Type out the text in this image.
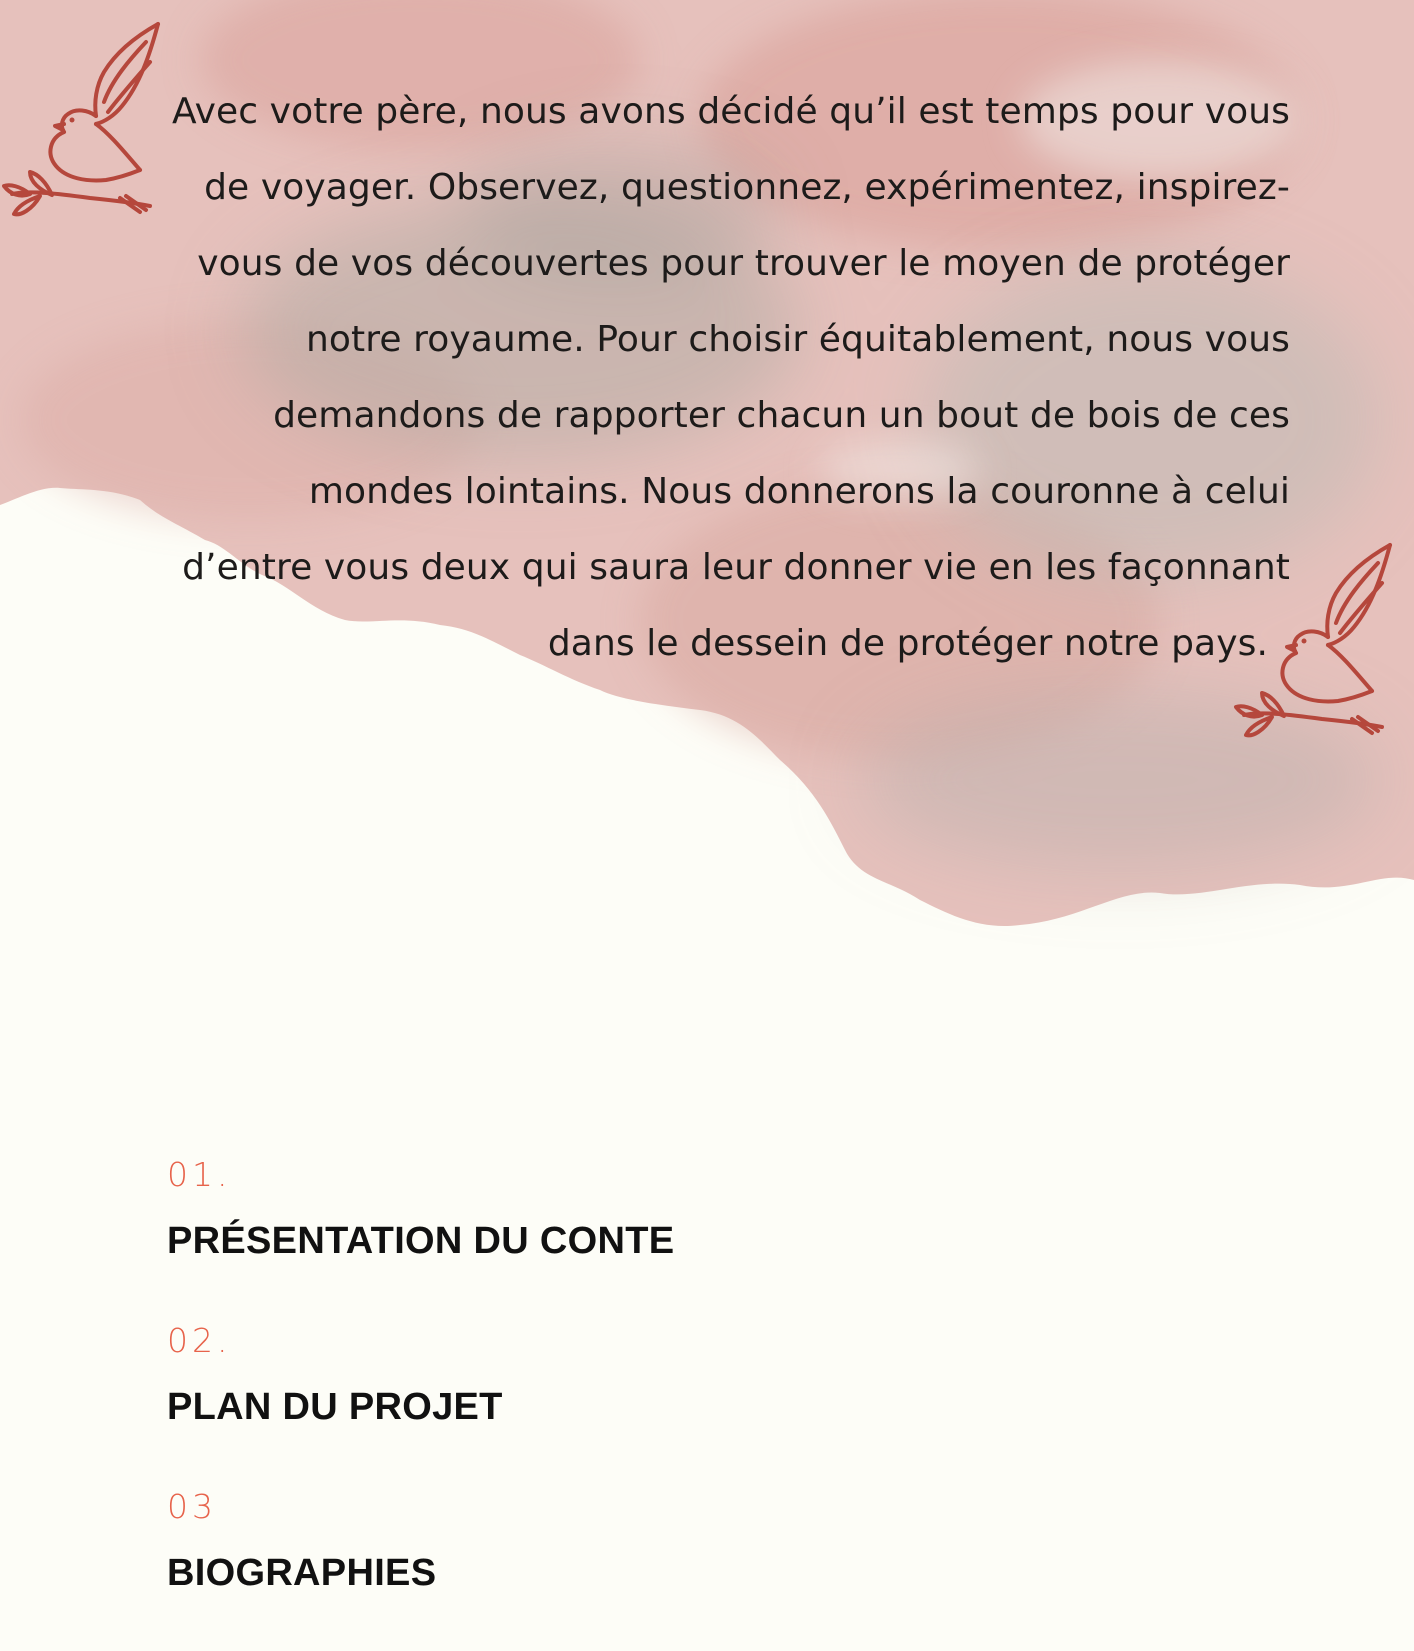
Avec votre père, nous avons décidé qu’il est temps pour vous
de voyager. Observez, questionnez, expérimentez, inspirez-
vous de vos découvertes pour trouver le moyen de protéger
notre royaume. Pour choisir équitablement, nous vous
demandons de rapporter chacun un bout de bois de ces
mondes lointains. Nous donnerons la couronne à celui
d’entre vous deux qui saura leur donner vie en les façonnant
dans le dessein de protéger notre pays.
01.
PRÉSENTATION DU CONTE
02.
PLAN DU PROJET
03
BIOGRAPHIES
